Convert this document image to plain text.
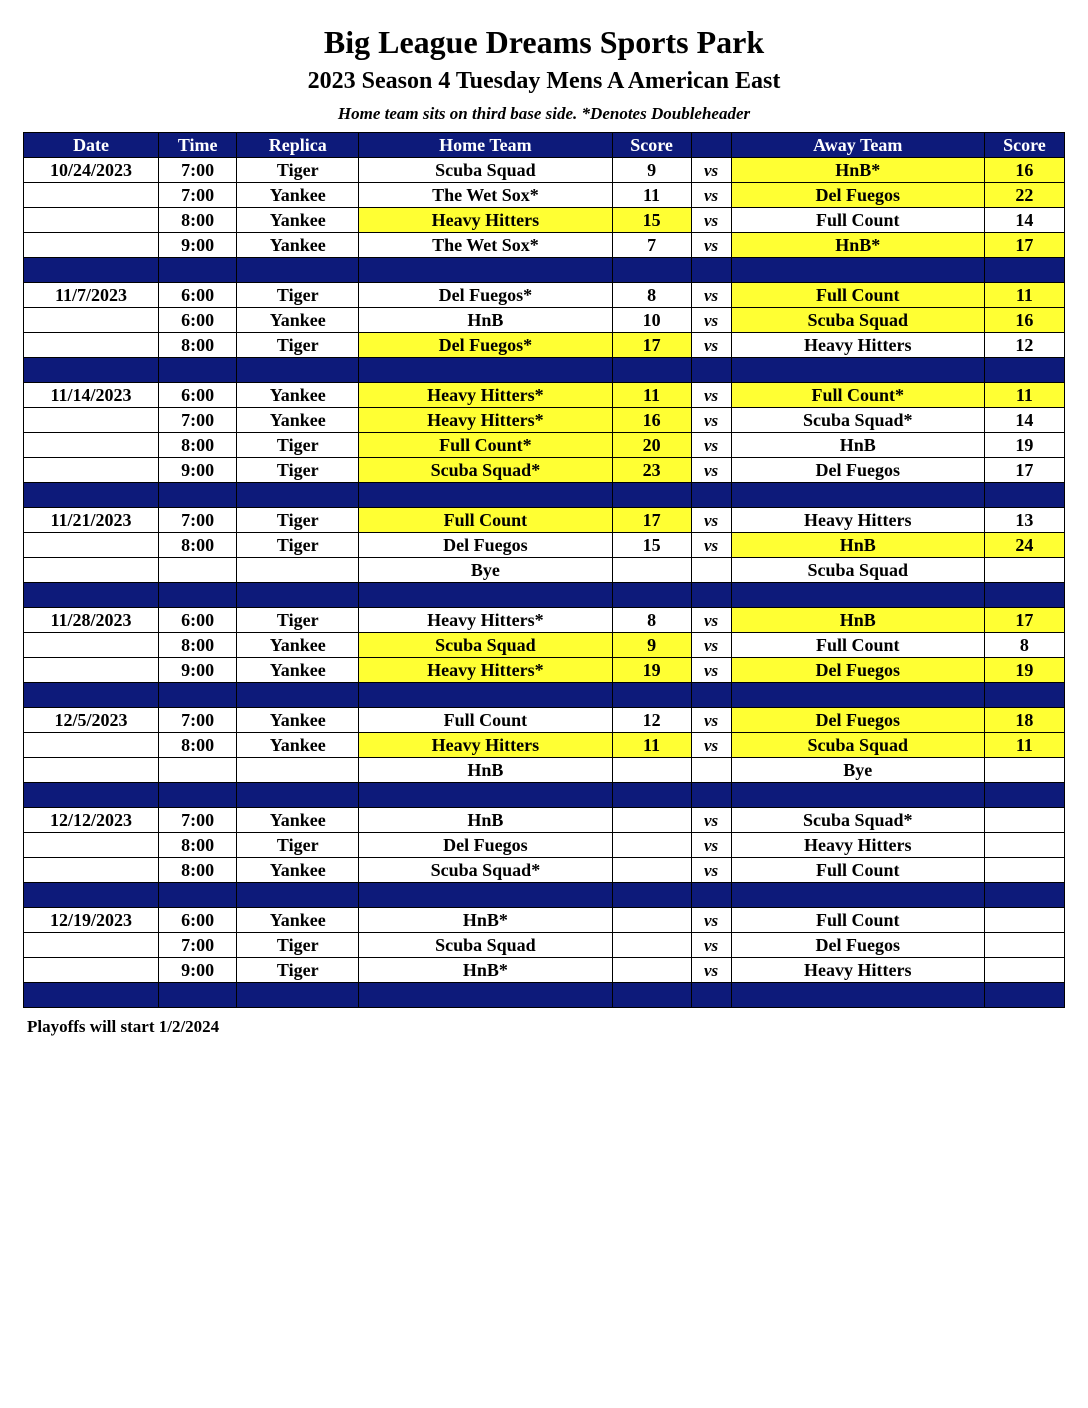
Big League Dreams Sports Park
2023 Season 4 Tuesday Mens A American East
Home team sits on third base side. *Denotes Doubleheader
Date	Time	Replica	Home Team	Score		Away Team	Score
10/24/2023	7:00	Tiger	Scuba Squad	9	vs	HnB*	16
	7:00	Yankee	The Wet Sox*	11	vs	Del Fuegos	22
	8:00	Yankee	Heavy Hitters	15	vs	Full Count	14
	9:00	Yankee	The Wet Sox*	7	vs	HnB*	17

11/7/2023	6:00	Tiger	Del Fuegos*	8	vs	Full Count	11
	6:00	Yankee	HnB	10	vs	Scuba Squad	16
	8:00	Tiger	Del Fuegos*	17	vs	Heavy Hitters	12

11/14/2023	6:00	Yankee	Heavy Hitters*	11	vs	Full Count*	11
	7:00	Yankee	Heavy Hitters*	16	vs	Scuba Squad*	14
	8:00	Tiger	Full Count*	20	vs	HnB	19
	9:00	Tiger	Scuba Squad*	23	vs	Del Fuegos	17

11/21/2023	7:00	Tiger	Full Count	17	vs	Heavy Hitters	13
	8:00	Tiger	Del Fuegos	15	vs	HnB	24
			Bye			Scuba Squad	

11/28/2023	6:00	Tiger	Heavy Hitters*	8	vs	HnB	17
	8:00	Yankee	Scuba Squad	9	vs	Full Count	8
	9:00	Yankee	Heavy Hitters*	19	vs	Del Fuegos	19

12/5/2023	7:00	Yankee	Full Count	12	vs	Del Fuegos	18
	8:00	Yankee	Heavy Hitters	11	vs	Scuba Squad	11
			HnB			Bye	

12/12/2023	7:00	Yankee	HnB		vs	Scuba Squad*	
	8:00	Tiger	Del Fuegos		vs	Heavy Hitters	
	8:00	Yankee	Scuba Squad*		vs	Full Count	

12/19/2023	6:00	Yankee	HnB*		vs	Full Count	
	7:00	Tiger	Scuba Squad		vs	Del Fuegos	
	9:00	Tiger	HnB*		vs	Heavy Hitters	

Playoffs will start 1/2/2024
